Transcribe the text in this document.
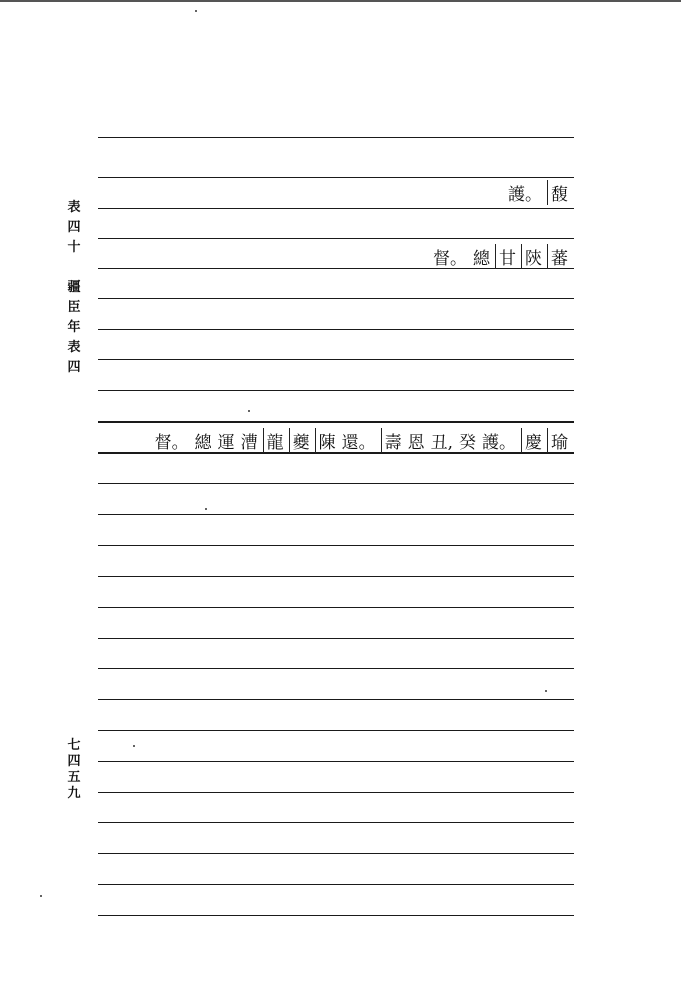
表
四
十

疆
臣
年
表
四
七
四
五
九
馥
護。
蕃
陝
甘
總
督。
瑜
慶
護。
癸
丑,
恩
壽
還。
陳
夔
龍
漕
運
總
督。
